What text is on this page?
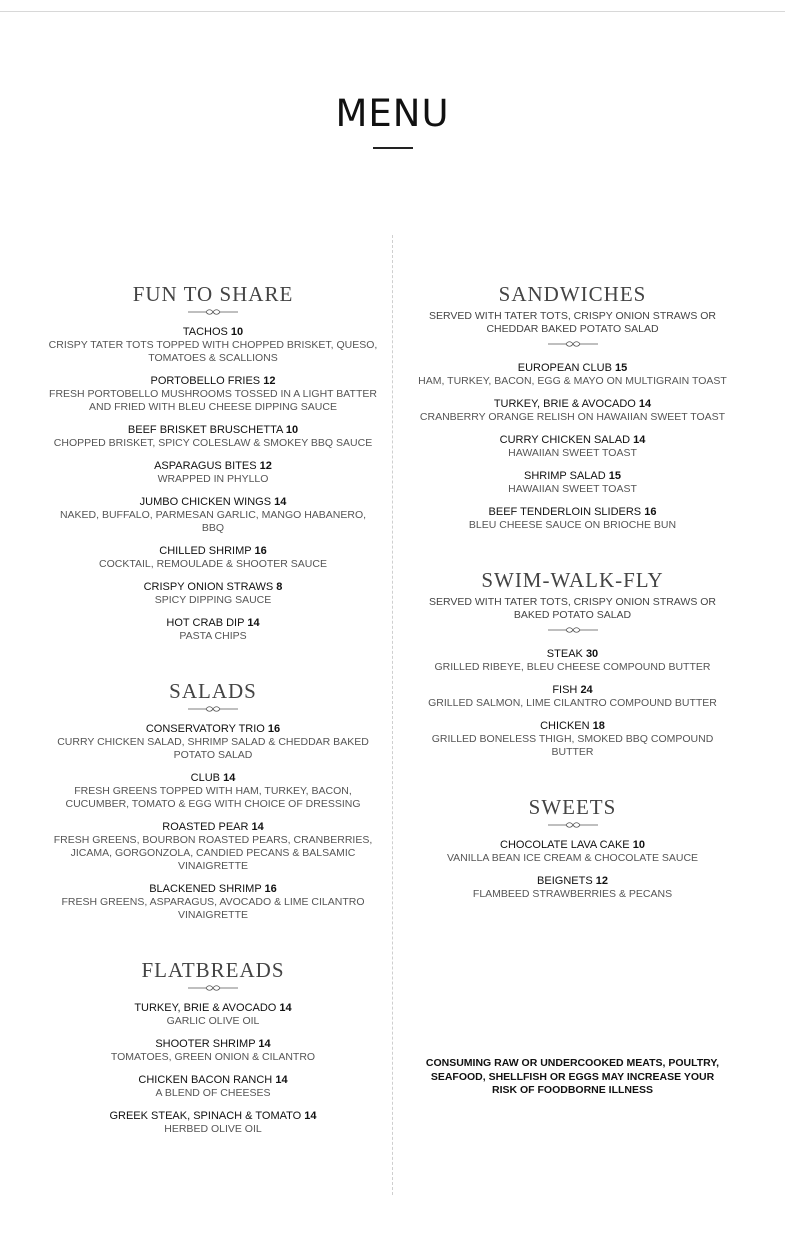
MENU
FUN TO SHARE
TACHOS 10
CRISPY TATER TOTS TOPPED WITH CHOPPED BRISKET, QUESO, TOMATOES & SCALLIONS
PORTOBELLO FRIES 12
FRESH PORTOBELLO MUSHROOMS TOSSED IN A LIGHT BATTER AND FRIED WITH BLEU CHEESE DIPPING SAUCE
BEEF BRISKET BRUSCHETTA 10
CHOPPED BRISKET, SPICY COLESLAW & SMOKEY BBQ SAUCE
ASPARAGUS BITES 12
WRAPPED IN PHYLLO
JUMBO CHICKEN WINGS 14
NAKED, BUFFALO, PARMESAN GARLIC, MANGO HABANERO, BBQ
CHILLED SHRIMP 16
COCKTAIL, REMOULADE & SHOOTER SAUCE
CRISPY ONION STRAWS 8
SPICY DIPPING SAUCE
HOT CRAB DIP 14
PASTA CHIPS
SALADS
CONSERVATORY TRIO 16
CURRY CHICKEN SALAD, SHRIMP SALAD & CHEDDAR BAKED POTATO SALAD
CLUB 14
FRESH GREENS TOPPED WITH HAM, TURKEY, BACON, CUCUMBER, TOMATO & EGG WITH CHOICE OF DRESSING
ROASTED PEAR 14
FRESH GREENS, BOURBON ROASTED PEARS, CRANBERRIES, JICAMA, GORGONZOLA, CANDIED PECANS & BALSAMIC VINAIGRETTE
BLACKENED SHRIMP 16
FRESH GREENS, ASPARAGUS, AVOCADO & LIME CILANTRO VINAIGRETTE
FLATBREADS
TURKEY, BRIE & AVOCADO 14
GARLIC OLIVE OIL
SHOOTER SHRIMP 14
TOMATOES, GREEN ONION & CILANTRO
CHICKEN BACON RANCH 14
A BLEND OF CHEESES
GREEK STEAK, SPINACH & TOMATO 14
HERBED OLIVE OIL
SANDWICHES
SERVED WITH TATER TOTS, CRISPY ONION STRAWS OR CHEDDAR BAKED POTATO SALAD
EUROPEAN CLUB 15
HAM, TURKEY, BACON, EGG & MAYO ON MULTIGRAIN TOAST
TURKEY, BRIE & AVOCADO 14
CRANBERRY ORANGE RELISH ON HAWAIIAN SWEET TOAST
CURRY CHICKEN SALAD 14
HAWAIIAN SWEET TOAST
SHRIMP SALAD 15
HAWAIIAN SWEET TOAST
BEEF TENDERLOIN SLIDERS 16
BLEU CHEESE SAUCE ON BRIOCHE BUN
SWIM-WALK-FLY
SERVED WITH TATER TOTS, CRISPY ONION STRAWS OR BAKED POTATO SALAD
STEAK 30
GRILLED RIBEYE, BLEU CHEESE COMPOUND BUTTER
FISH 24
GRILLED SALMON, LIME CILANTRO COMPOUND BUTTER
CHICKEN 18
GRILLED BONELESS THIGH, SMOKED BBQ COMPOUND BUTTER
SWEETS
CHOCOLATE LAVA CAKE 10
VANILLA BEAN ICE CREAM & CHOCOLATE SAUCE
BEIGNETS 12
FLAMBEED STRAWBERRIES & PECANS
CONSUMING RAW OR UNDERCOOKED MEATS, POULTRY, SEAFOOD, SHELLFISH OR EGGS MAY INCREASE YOUR RISK OF FOODBORNE ILLNESS
